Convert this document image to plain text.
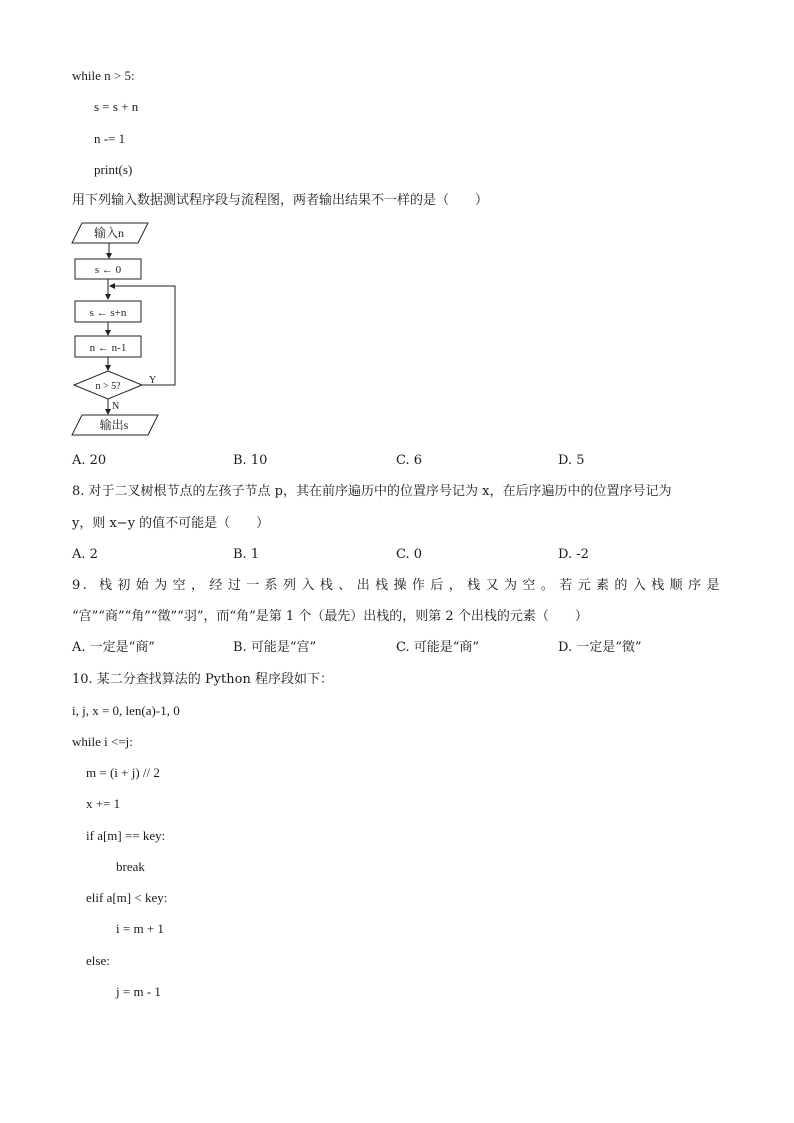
while n > 5:
s = s + n
n -= 1
print(s)
用下列输入数据测试程序段与流程图，两者输出结果不一样的是（　　）
输入n
s ← 0
s ← s+n
n ← n-1
n > 5?
Y
N
输出s
A. 20	B. 10	C. 6	D. 5
8. 对于二叉树根节点的左孩子节点 p，其在前序遍历中的位置序号记为 x，在后序遍历中的位置序号记为
y，则 x−y 的值不可能是（　　）
A. 2	B. 1	C. 0	D. -2
9. 栈初始为空，经过一系列入栈、出栈操作后，栈又为空。若元素的入栈顺序是
“宫”“商”“角”“徵”“羽”，而“角”是第 1 个（最先）出栈的，则第 2 个出栈的元素（　　）
A. 一定是“商”	B. 可能是“宫”	C. 可能是“商”	D. 一定是“徵”
10. 某二分查找算法的 Python 程序段如下：
i, j, x = 0, len(a)-1, 0
while i <=j:
m = (i + j) // 2
x += 1
if a[m] == key:
break
elif a[m] < key:
i = m + 1
else:
j = m - 1
